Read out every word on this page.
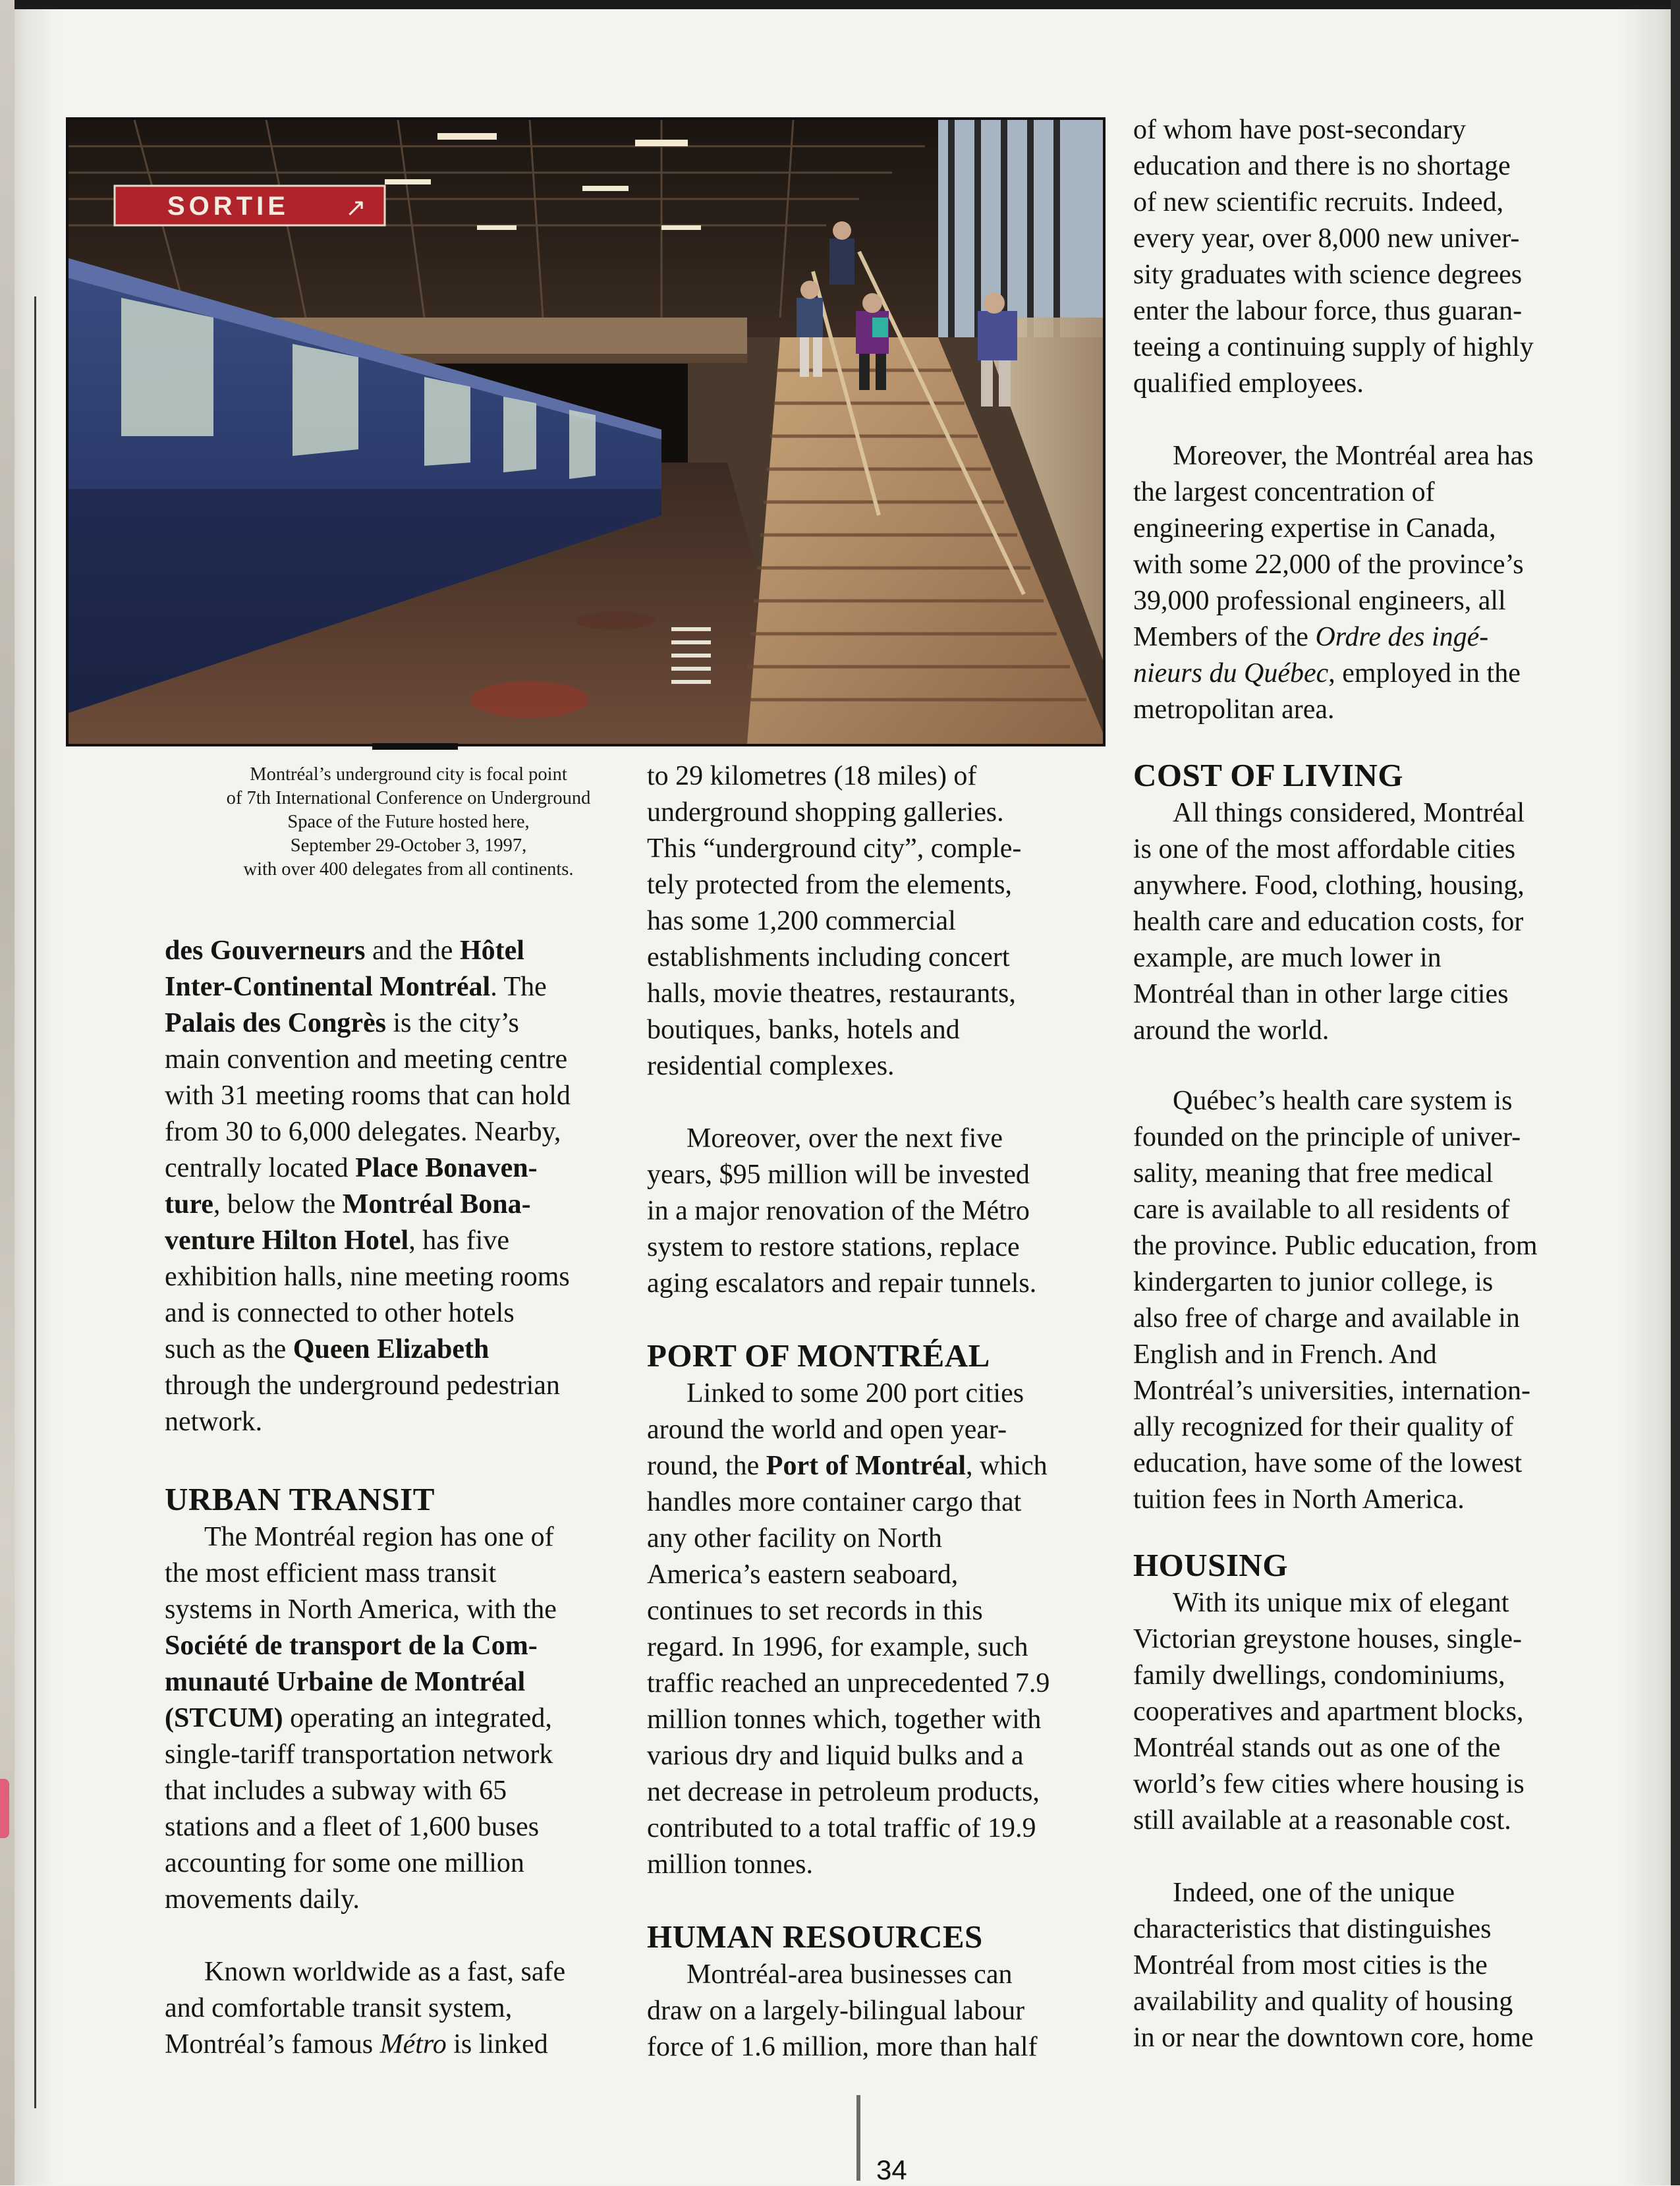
SORTIE ↗
Montréal’s underground city is focal point
of 7th International Conference on Underground
Space of the Future hosted here,
September 29-October 3, 1997,
with over 400 delegates from all continents.

des Gouverneurs and the Hôtel
Inter-Continental Montréal. The
Palais des Congrès is the city’s
main convention and meeting centre
with 31 meeting rooms that can hold
from 30 to 6,000 delegates. Nearby,
centrally located Place Bonaven-
ture, below the Montréal Bona-
venture Hilton Hotel, has five
exhibition halls, nine meeting rooms
and is connected to other hotels
such as the Queen Elizabeth
through the underground pedestrian
network.

URBAN TRANSIT

The Montréal region has one of
the most efficient mass transit
systems in North America, with the
Société de transport de la Com-
munauté Urbaine de Montréal
(STCUM) operating an integrated,
single-tariff transportation network
that includes a subway with 65
stations and a fleet of 1,600 buses
accounting for some one million
movements daily.

Known worldwide as a fast, safe
and comfortable transit system,
Montréal’s famous Métro is linked

to 29 kilometres (18 miles) of
underground shopping galleries.
This “underground city”, comple-
tely protected from the elements,
has some 1,200 commercial
establishments including concert
halls, movie theatres, restaurants,
boutiques, banks, hotels and
residential complexes.

Moreover, over the next five
years, $95 million will be invested
in a major renovation of the Métro
system to restore stations, replace
aging escalators and repair tunnels.

PORT OF MONTRÉAL

Linked to some 200 port cities
around the world and open year-
round, the Port of Montréal, which
handles more container cargo that
any other facility on North
America’s eastern seaboard,
continues to set records in this
regard. In 1996, for example, such
traffic reached an unprecedented 7.9
million tonnes which, together with
various dry and liquid bulks and a
net decrease in petroleum products,
contributed to a total traffic of 19.9
million tonnes.

HUMAN RESOURCES

Montréal-area businesses can
draw on a largely-bilingual labour
force of 1.6 million, more than half

of whom have post-secondary
education and there is no shortage
of new scientific recruits. Indeed,
every year, over 8,000 new univer-
sity graduates with science degrees
enter the labour force, thus guaran-
teeing a continuing supply of highly
qualified employees.

Moreover, the Montréal area has
the largest concentration of
engineering expertise in Canada,
with some 22,000 of the province’s
39,000 professional engineers, all
Members of the Ordre des ingé-
nieurs du Québec, employed in the
metropolitan area.

COST OF LIVING

All things considered, Montréal
is one of the most affordable cities
anywhere. Food, clothing, housing,
health care and education costs, for
example, are much lower in
Montréal than in other large cities
around the world.

Québec’s health care system is
founded on the principle of univer-
sality, meaning that free medical
care is available to all residents of
the province. Public education, from
kindergarten to junior college, is
also free of charge and available in
English and in French. And
Montréal’s universities, internation-
ally recognized for their quality of
education, have some of the lowest
tuition fees in North America.

HOUSING

With its unique mix of elegant
Victorian greystone houses, single-
family dwellings, condominiums,
cooperatives and apartment blocks,
Montréal stands out as one of the
world’s few cities where housing is
still available at a reasonable cost.

Indeed, one of the unique
characteristics that distinguishes
Montréal from most cities is the
availability and quality of housing
in or near the downtown core, home

34
